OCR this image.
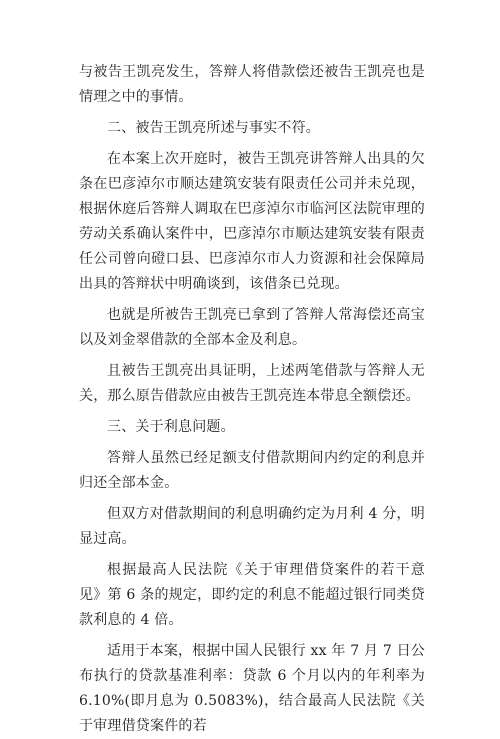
与被告王凯亮发生，答辩人将借款偿还被告王凯亮也是情理之中的事情。

二、被告王凯亮所述与事实不符。

在本案上次开庭时，被告王凯亮讲答辩人出具的欠条在巴彦淖尔市顺达建筑安装有限责任公司并未兑现，根据休庭后答辩人调取在巴彦淖尔市临河区法院审理的劳动关系确认案件中，巴彦淖尔市顺达建筑安装有限责任公司曾向磴口县、巴彦淖尔市人力资源和社会保障局出具的答辩状中明确谈到，该借条已兑现。

也就是所被告王凯亮已拿到了答辩人常海偿还高宝以及刘金翠借款的全部本金及利息。

且被告王凯亮出具证明，上述两笔借款与答辩人无关，那么原告借款应由被告王凯亮连本带息全额偿还。

三、关于利息问题。

答辩人虽然已经足额支付借款期间内约定的利息并归还全部本金。

但双方对借款期间的利息明确约定为月利 4 分，明显过高。

根据最高人民法院《关于审理借贷案件的若干意见》第 6 条的规定，即约定的利息不能超过银行同类贷款利息的 4 倍。

适用于本案，根据中国人民银行 xx 年 7 月 7 日公布执行的贷款基准利率：贷款 6 个月以内的年利率为 6.10%(即月息为 0.5083%)，结合最高人民法院《关于审理借贷案件的若
